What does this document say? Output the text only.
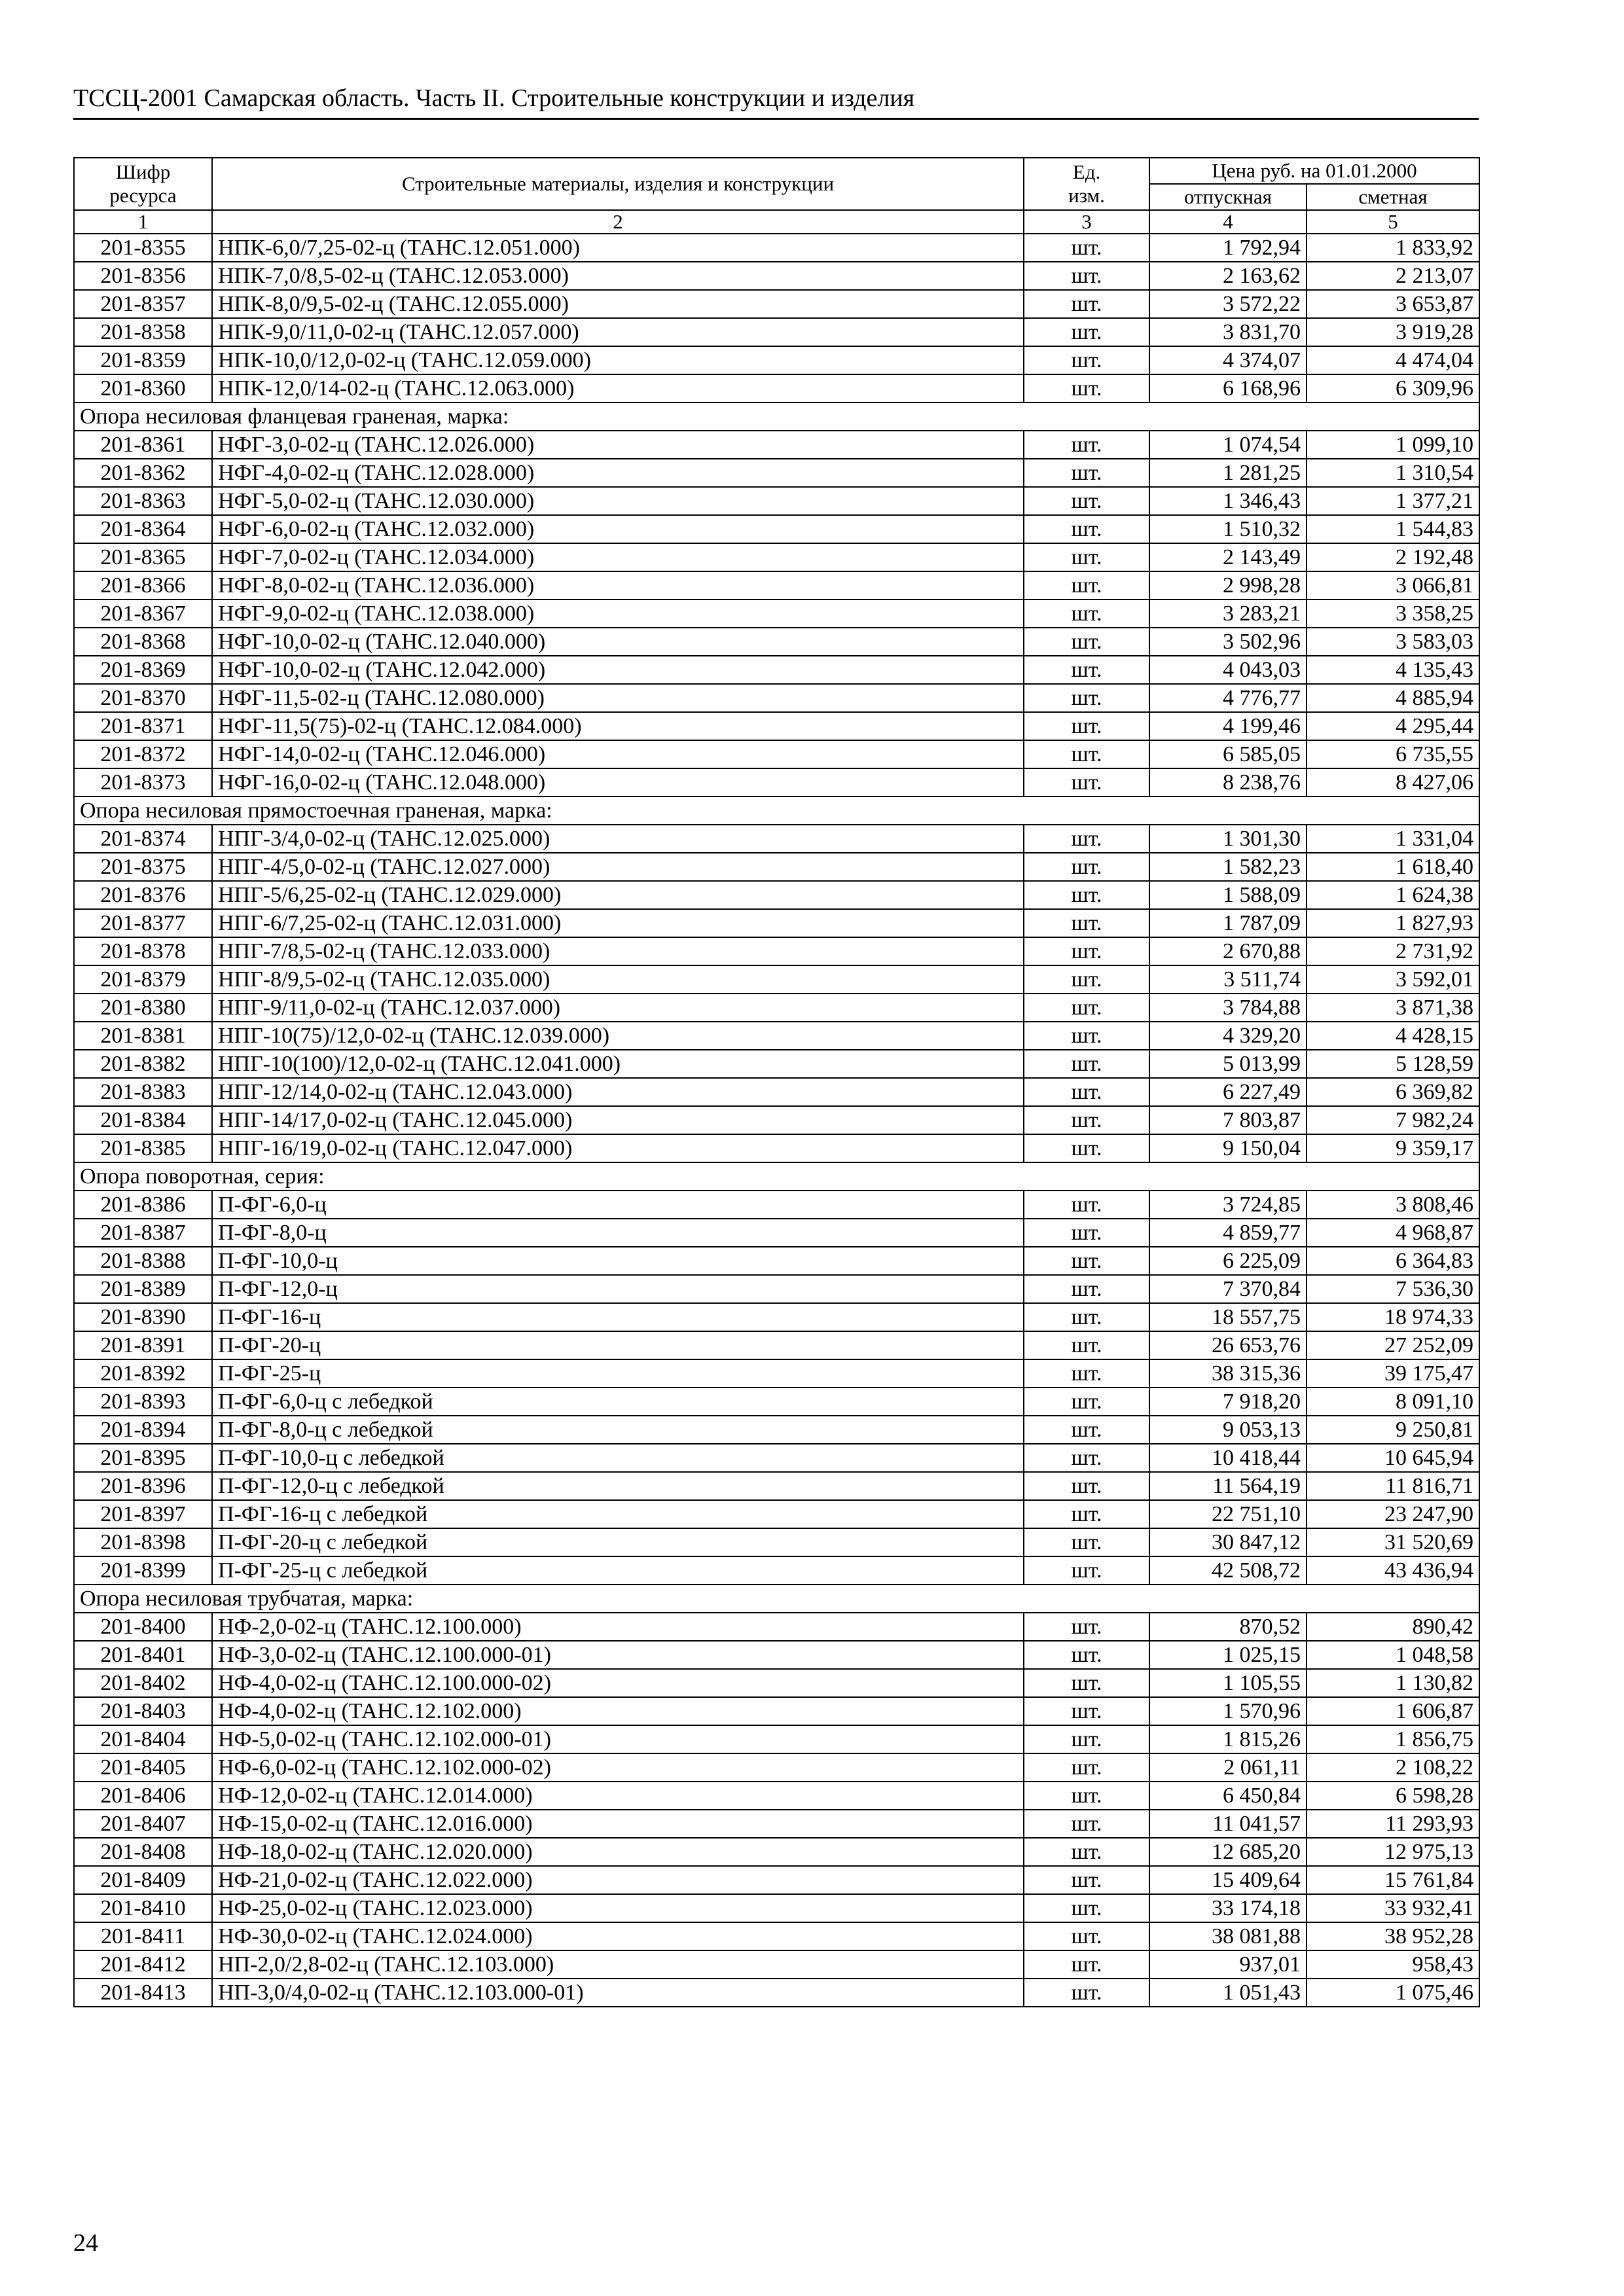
ТССЦ-2001 Самарская область. Часть II. Строительные конструкции и изделия
Шифр ресурса	Строительные материалы, изделия и конструкции	Ед. изм.	Цена руб. на 01.01.2000	
			отпускная	сметная
1	2	3	4	5
201-8355	НПК-6,0/7,25-02-ц (ТАНС.12.051.000)	шт.	1 792,94	1 833,92
201-8356	НПК-7,0/8,5-02-ц (ТАНС.12.053.000)	шт.	2 163,62	2 213,07
201-8357	НПК-8,0/9,5-02-ц (ТАНС.12.055.000)	шт.	3 572,22	3 653,87
201-8358	НПК-9,0/11,0-02-ц (ТАНС.12.057.000)	шт.	3 831,70	3 919,28
201-8359	НПК-10,0/12,0-02-ц (ТАНС.12.059.000)	шт.	4 374,07	4 474,04
201-8360	НПК-12,0/14-02-ц (ТАНС.12.063.000)	шт.	6 168,96	6 309,96
Опора несиловая фланцевая граненая, марка:				
201-8361	НФГ-3,0-02-ц (ТАНС.12.026.000)	шт.	1 074,54	1 099,10
201-8362	НФГ-4,0-02-ц (ТАНС.12.028.000)	шт.	1 281,25	1 310,54
201-8363	НФГ-5,0-02-ц (ТАНС.12.030.000)	шт.	1 346,43	1 377,21
201-8364	НФГ-6,0-02-ц (ТАНС.12.032.000)	шт.	1 510,32	1 544,83
201-8365	НФГ-7,0-02-ц (ТАНС.12.034.000)	шт.	2 143,49	2 192,48
201-8366	НФГ-8,0-02-ц (ТАНС.12.036.000)	шт.	2 998,28	3 066,81
201-8367	НФГ-9,0-02-ц (ТАНС.12.038.000)	шт.	3 283,21	3 358,25
201-8368	НФГ-10,0-02-ц (ТАНС.12.040.000)	шт.	3 502,96	3 583,03
201-8369	НФГ-10,0-02-ц (ТАНС.12.042.000)	шт.	4 043,03	4 135,43
201-8370	НФГ-11,5-02-ц (ТАНС.12.080.000)	шт.	4 776,77	4 885,94
201-8371	НФГ-11,5(75)-02-ц (ТАНС.12.084.000)	шт.	4 199,46	4 295,44
201-8372	НФГ-14,0-02-ц (ТАНС.12.046.000)	шт.	6 585,05	6 735,55
201-8373	НФГ-16,0-02-ц (ТАНС.12.048.000)	шт.	8 238,76	8 427,06
Опора несиловая прямостоечная граненая, марка:				
201-8374	НПГ-3/4,0-02-ц (ТАНС.12.025.000)	шт.	1 301,30	1 331,04
201-8375	НПГ-4/5,0-02-ц (ТАНС.12.027.000)	шт.	1 582,23	1 618,40
201-8376	НПГ-5/6,25-02-ц (ТАНС.12.029.000)	шт.	1 588,09	1 624,38
201-8377	НПГ-6/7,25-02-ц (ТАНС.12.031.000)	шт.	1 787,09	1 827,93
201-8378	НПГ-7/8,5-02-ц (ТАНС.12.033.000)	шт.	2 670,88	2 731,92
201-8379	НПГ-8/9,5-02-ц (ТАНС.12.035.000)	шт.	3 511,74	3 592,01
201-8380	НПГ-9/11,0-02-ц (ТАНС.12.037.000)	шт.	3 784,88	3 871,38
201-8381	НПГ-10(75)/12,0-02-ц (ТАНС.12.039.000)	шт.	4 329,20	4 428,15
201-8382	НПГ-10(100)/12,0-02-ц (ТАНС.12.041.000)	шт.	5 013,99	5 128,59
201-8383	НПГ-12/14,0-02-ц (ТАНС.12.043.000)	шт.	6 227,49	6 369,82
201-8384	НПГ-14/17,0-02-ц (ТАНС.12.045.000)	шт.	7 803,87	7 982,24
201-8385	НПГ-16/19,0-02-ц (ТАНС.12.047.000)	шт.	9 150,04	9 359,17
Опора поворотная, серия:				
201-8386	П-ФГ-6,0-ц	шт.	3 724,85	3 808,46
201-8387	П-ФГ-8,0-ц	шт.	4 859,77	4 968,87
201-8388	П-ФГ-10,0-ц	шт.	6 225,09	6 364,83
201-8389	П-ФГ-12,0-ц	шт.	7 370,84	7 536,30
201-8390	П-ФГ-16-ц	шт.	18 557,75	18 974,33
201-8391	П-ФГ-20-ц	шт.	26 653,76	27 252,09
201-8392	П-ФГ-25-ц	шт.	38 315,36	39 175,47
201-8393	П-ФГ-6,0-ц с лебедкой	шт.	7 918,20	8 091,10
201-8394	П-ФГ-8,0-ц с лебедкой	шт.	9 053,13	9 250,81
201-8395	П-ФГ-10,0-ц с лебедкой	шт.	10 418,44	10 645,94
201-8396	П-ФГ-12,0-ц с лебедкой	шт.	11 564,19	11 816,71
201-8397	П-ФГ-16-ц с лебедкой	шт.	22 751,10	23 247,90
201-8398	П-ФГ-20-ц с лебедкой	шт.	30 847,12	31 520,69
201-8399	П-ФГ-25-ц с лебедкой	шт.	42 508,72	43 436,94
Опора несиловая трубчатая, марка:				
201-8400	НФ-2,0-02-ц (ТАНС.12.100.000)	шт.	870,52	890,42
201-8401	НФ-3,0-02-ц (ТАНС.12.100.000-01)	шт.	1 025,15	1 048,58
201-8402	НФ-4,0-02-ц (ТАНС.12.100.000-02)	шт.	1 105,55	1 130,82
201-8403	НФ-4,0-02-ц (ТАНС.12.102.000)	шт.	1 570,96	1 606,87
201-8404	НФ-5,0-02-ц (ТАНС.12.102.000-01)	шт.	1 815,26	1 856,75
201-8405	НФ-6,0-02-ц (ТАНС.12.102.000-02)	шт.	2 061,11	2 108,22
201-8406	НФ-12,0-02-ц (ТАНС.12.014.000)	шт.	6 450,84	6 598,28
201-8407	НФ-15,0-02-ц (ТАНС.12.016.000)	шт.	11 041,57	11 293,93
201-8408	НФ-18,0-02-ц (ТАНС.12.020.000)	шт.	12 685,20	12 975,13
201-8409	НФ-21,0-02-ц (ТАНС.12.022.000)	шт.	15 409,64	15 761,84
201-8410	НФ-25,0-02-ц (ТАНС.12.023.000)	шт.	33 174,18	33 932,41
201-8411	НФ-30,0-02-ц (ТАНС.12.024.000)	шт.	38 081,88	38 952,28
201-8412	НП-2,0/2,8-02-ц (ТАНС.12.103.000)	шт.	937,01	958,43
201-8413	НП-3,0/4,0-02-ц (ТАНС.12.103.000-01)	шт.	1 051,43	1 075,46
24
